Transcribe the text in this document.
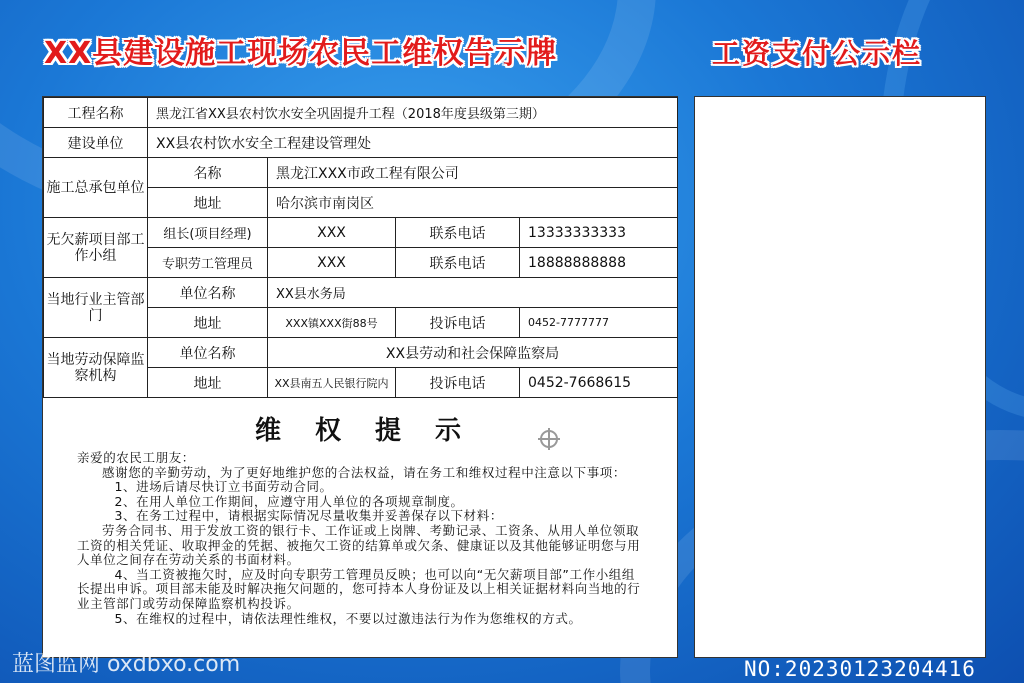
XX县建设施工现场农民工维权告示牌	工资支付公示栏
工程名称	黑龙江省XX县农村饮水安全巩固提升工程（2018年度县级第三期）			
建设单位	XX县农村饮水安全工程建设管理处			
施工总承包单位	名称	黑龙江XXX市政工程有限公司		
	地址	哈尔滨市南岗区		
无欠薪项目部工作小组	组长(项目经理)	XXX	联系电话	13333333333
	专职劳工管理员	XXX	联系电话	18888888888
当地行业主管部门	单位名称	XX县水务局		
	地址	XXX镇XXX街88号	投诉电话	0452-7777777
当地劳动保障监察机构	单位名称	XX县劳动和社会保障监察局		
	地址	XX县南五人民银行院内	投诉电话	0452-7668615
维权提示

亲爱的农民工朋友：

感谢您的辛勤劳动，为了更好地维护您的合法权益，请在务工和维权过程中注意以下事项：

1、进场后请尽快订立书面劳动合同。

2、在用人单位工作期间，应遵守用人单位的各项规章制度。

3、在务工过程中，请根据实际情况尽量收集并妥善保存以下材料：

劳务合同书、用于发放工资的银行卡、工作证或上岗牌、考勤记录、工资条、从用人单位领取工资的相关凭证、收取押金的凭据、被拖欠工资的结算单或欠条、健康证以及其他能够证明您与用人单位之间存在劳动关系的书面材料。

4、当工资被拖欠时，应及时向专职劳工管理员反映；也可以向“无欠薪项目部”工作小组组长提出申诉。项目部未能及时解决拖欠问题的，您可持本人身份证及以上相关证据材料向当地的行业主管部门或劳动保障监察机构投诉。

5、在维权的过程中，请依法理性维权，不要以过激违法行为作为您维权的方式。

蓝图监网 oxdbxo.com	NO:20230123204416
